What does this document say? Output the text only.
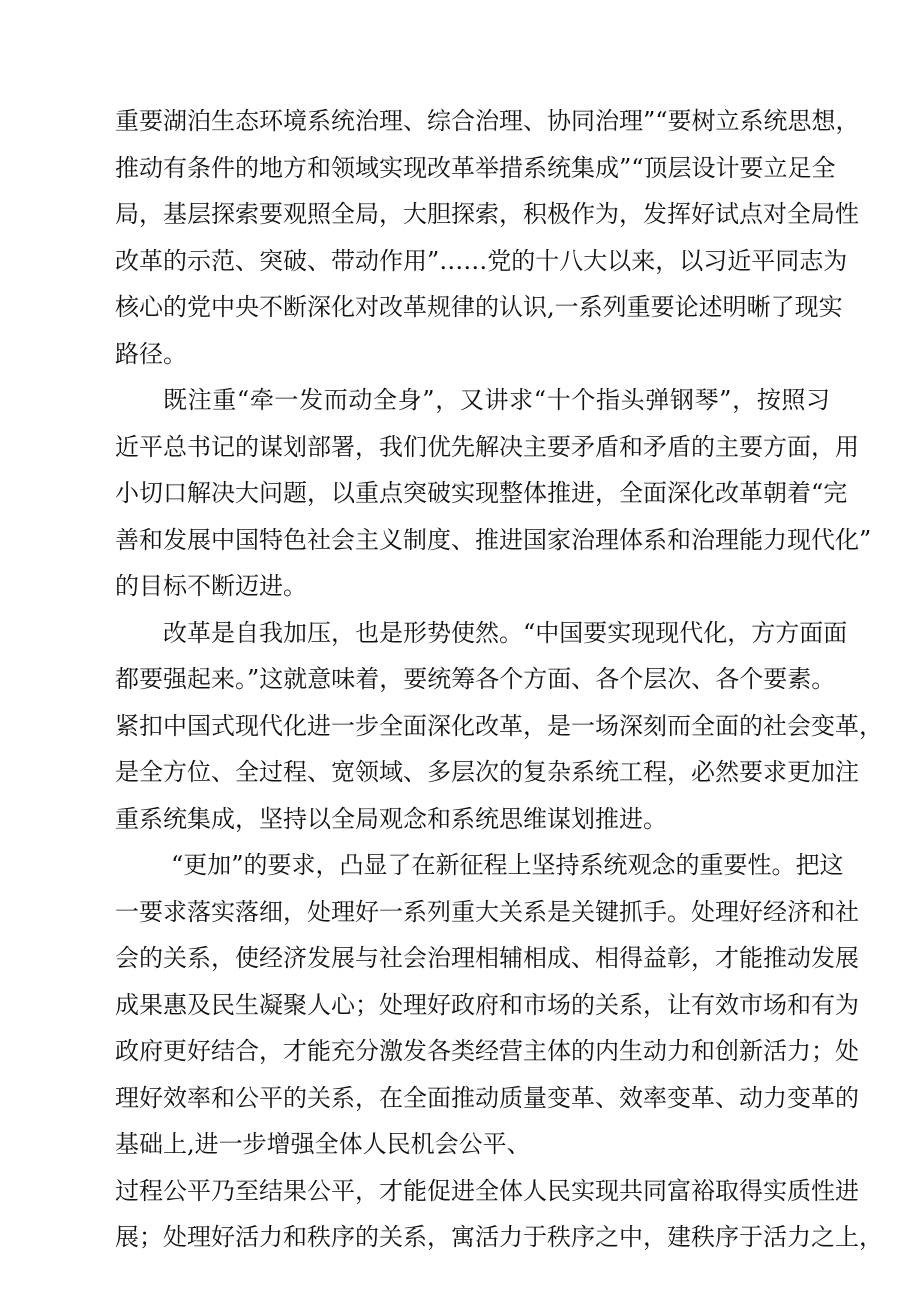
重要湖泊生态环境系统治理、综合治理、协同治理”“要树立系统思想，
推动有条件的地方和领域实现改革举措系统集成”“顶层设计要立足全
局，基层探索要观照全局，大胆探索，积极作为，发挥好试点对全局性
改革的示范、突破、带动作用”……党的十八大以来，以习近平同志为
核心的党中央不断深化对改革规律的认识,一系列重要论述明晰了现实
路径。
既注重“牵一发而动全身”，又讲求“十个指头弹钢琴”，按照习
近平总书记的谋划部署，我们优先解决主要矛盾和矛盾的主要方面，用
小切口解决大问题，以重点突破实现整体推进，全面深化改革朝着“完
善和发展中国特色社会主义制度、推进国家治理体系和治理能力现代化”
的目标不断迈进。
改革是自我加压，也是形势使然。“中国要实现现代化，方方面面
都要强起来。”这就意味着，要统筹各个方面、各个层次、各个要素。
紧扣中国式现代化进一步全面深化改革，是一场深刻而全面的社会变革，
是全方位、全过程、宽领域、多层次的复杂系统工程，必然要求更加注
重系统集成，坚持以全局观念和系统思维谋划推进。
“更加”的要求，凸显了在新征程上坚持系统观念的重要性。把这
一要求落实落细，处理好一系列重大关系是关键抓手。处理好经济和社
会的关系，使经济发展与社会治理相辅相成、相得益彰，才能推动发展
成果惠及民生凝聚人心；处理好政府和市场的关系，让有效市场和有为
政府更好结合，才能充分激发各类经营主体的内生动力和创新活力；处
理好效率和公平的关系，在全面推动质量变革、效率变革、动力变革的
基础上,进一步增强全体人民机会公平、
过程公平乃至结果公平，才能促进全体人民实现共同富裕取得实质性进
展；处理好活力和秩序的关系，寓活力于秩序之中，建秩序于活力之上，
